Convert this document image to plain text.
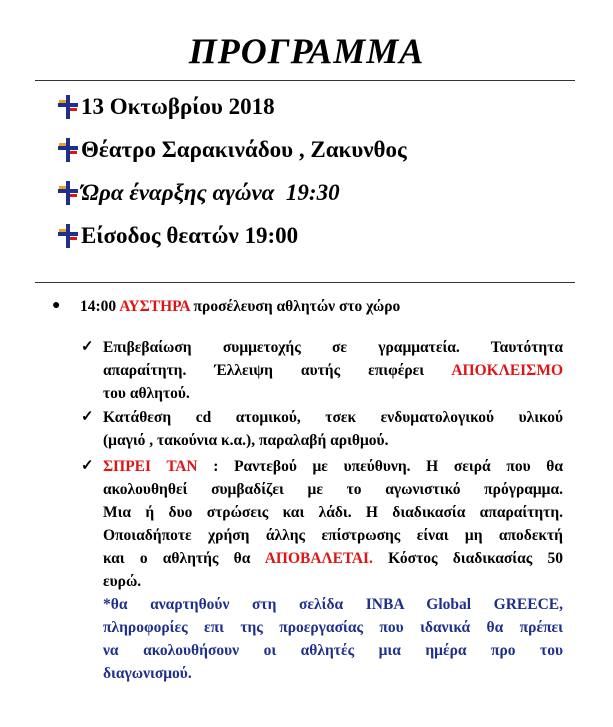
ΠΡΟΓΡΑΜΜΑ
13 Οκτωβρίου 2018
Θέατρο Σαρακινάδου , Ζακυνθος
Ώρα έναρξης αγώνα  19:30
Είσοδος θεατών 19:00
● 14:00 ΑΥΣΤΗΡΑ προσέλευση αθλητών στο χώρο
✓ Επιβεβαίωση συμμετοχής σε γραμματεία. Ταυτότητα
απαραίτητη. Έλλειψη αυτής επιφέρει ΑΠΟΚΛΕΙΣΜΟ
του αθλητού.
✓ Κατάθεση cd ατομικού, τσεκ ενδυματολογικού υλικού
(μαγιό , τακούνια κ.α.), παραλαβή αριθμού.
✓ ΣΠΡΕΙ ΤΑΝ : Ραντεβού με υπεύθυνη. Η σειρά που θα
ακολουθηθεί συμβαδίζει με το αγωνιστικό πρόγραμμα.
Μια ή δυο στρώσεις και λάδι. Η διαδικασία απαραίτητη.
Οποιαδήποτε χρήση άλλης επίστρωσης είναι μη αποδεκτή
και ο αθλητής θα ΑΠΟΒΑΛΕΤΑΙ. Κόστος διαδικασίας 50
ευρώ.
*θα αναρτηθούν στη σελίδα INBA Global GREECE,
πληροφορίες επι της προεργασίας που ιδανικά θα πρέπει
να ακολουθήσουν οι αθλητές μια ημέρα προ του
διαγωνισμού.
